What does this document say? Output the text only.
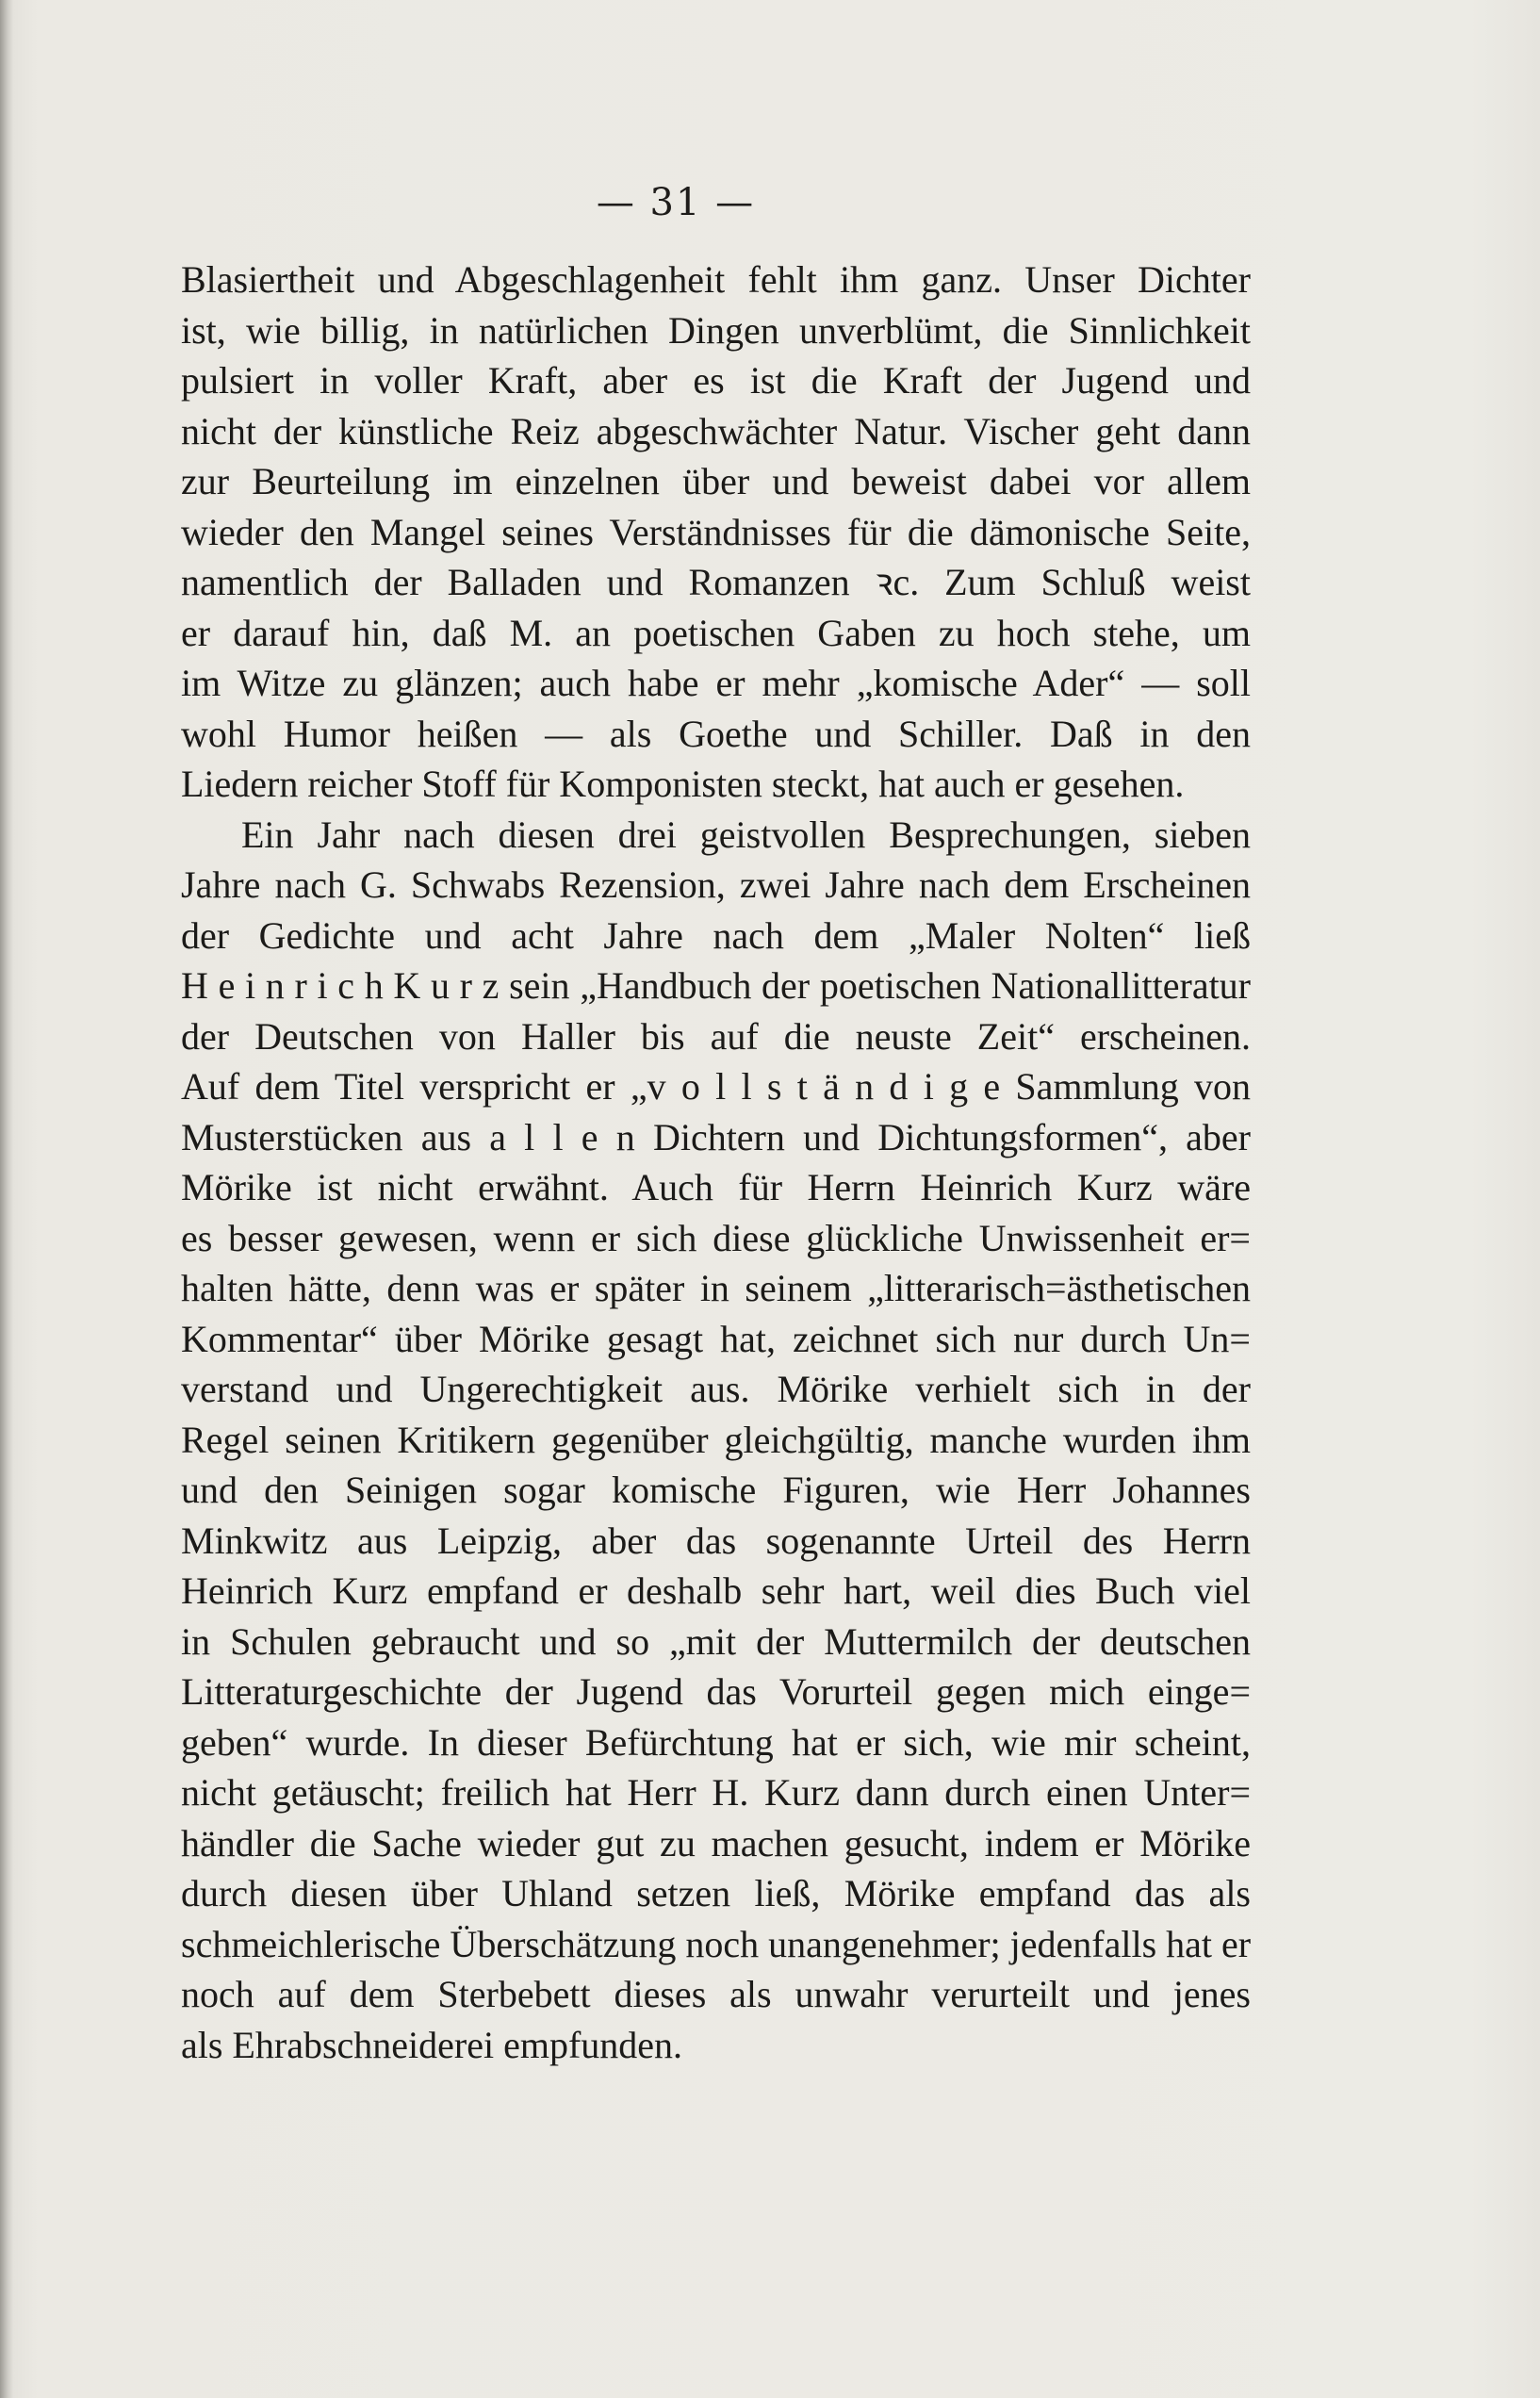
— 31 —
Blasiertheit und Abgeschlagenheit fehlt ihm ganz. Unser Dichter
ist, wie billig, in natürlichen Dingen unverblümt, die Sinnlichkeit
pulsiert in voller Kraft, aber es ist die Kraft der Jugend und
nicht der künstliche Reiz abgeschwächter Natur. Vischer geht dann
zur Beurteilung im einzelnen über und beweist dabei vor allem
wieder den Mangel seines Verständnisses für die dämonische Seite,
namentlich der Balladen und Romanzen ꝛc. Zum Schluß weist
er darauf hin, daß M. an poetischen Gaben zu hoch stehe, um
im Witze zu glänzen; auch habe er mehr „komische Ader“ — soll
wohl Humor heißen — als Goethe und Schiller. Daß in den
Liedern reicher Stoff für Komponisten steckt, hat auch er gesehen.
Ein Jahr nach diesen drei geistvollen Besprechungen, sieben
Jahre nach G. Schwabs Rezension, zwei Jahre nach dem Erscheinen
der Gedichte und acht Jahre nach dem „Maler Nolten“ ließ
H e i n r i c h K u r z sein „Handbuch der poetischen Nationallitteratur
der Deutschen von Haller bis auf die neuste Zeit“ erscheinen.
Auf dem Titel verspricht er „v o l l s t ä n d i g e Sammlung von
Musterstücken aus a l l e n Dichtern und Dichtungsformen“, aber
Mörike ist nicht erwähnt. Auch für Herrn Heinrich Kurz wäre
es besser gewesen, wenn er sich diese glückliche Unwissenheit er=
halten hätte, denn was er später in seinem „litterarisch=ästhetischen
Kommentar“ über Mörike gesagt hat, zeichnet sich nur durch Un=
verstand und Ungerechtigkeit aus. Mörike verhielt sich in der
Regel seinen Kritikern gegenüber gleichgültig, manche wurden ihm
und den Seinigen sogar komische Figuren, wie Herr Johannes
Minkwitz aus Leipzig, aber das sogenannte Urteil des Herrn
Heinrich Kurz empfand er deshalb sehr hart, weil dies Buch viel
in Schulen gebraucht und so „mit der Muttermilch der deutschen
Litteraturgeschichte der Jugend das Vorurteil gegen mich einge=
geben“ wurde. In dieser Befürchtung hat er sich, wie mir scheint,
nicht getäuscht; freilich hat Herr H. Kurz dann durch einen Unter=
händler die Sache wieder gut zu machen gesucht, indem er Mörike
durch diesen über Uhland setzen ließ, Mörike empfand das als
schmeichlerische Überschätzung noch unangenehmer; jedenfalls hat er
noch auf dem Sterbebett dieses als unwahr verurteilt und jenes
als Ehrabschneiderei empfunden.
